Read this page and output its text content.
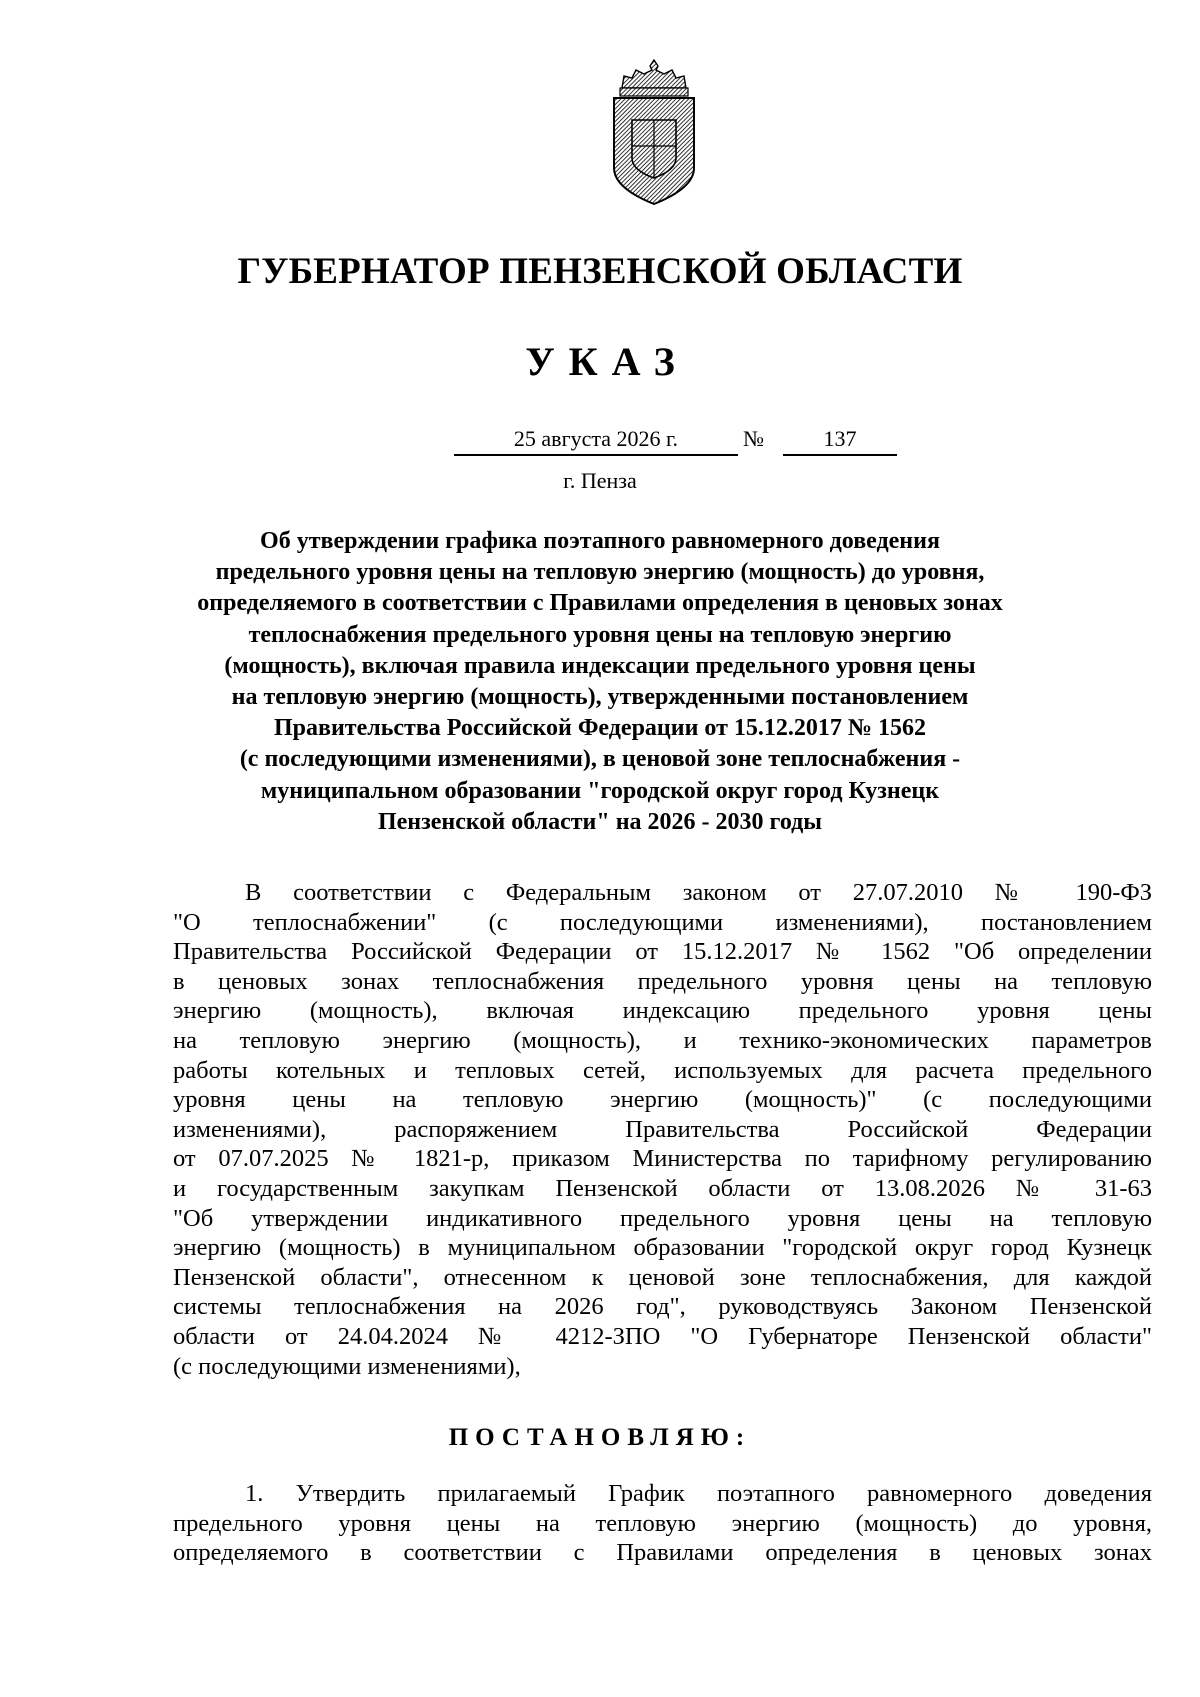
ГУБЕРНАТОР ПЕНЗЕНСКОЙ ОБЛАСТИ
УКАЗ
25 августа 2026 г.	№	137
г. Пенза
Об утверждении графика поэтапного равномерного доведения
предельного уровня цены на тепловую энергию (мощность) до уровня,
определяемого в соответствии с Правилами определения в ценовых зонах
теплоснабжения предельного уровня цены на тепловую энергию
(мощность), включая правила индексации предельного уровня цены
на тепловую энергию (мощность), утвержденными постановлением
Правительства Российской Федерации от 15.12.2017 № 1562
(с последующими изменениями), в ценовой зоне теплоснабжения -
муниципальном образовании "городской округ город Кузнецк
Пензенской области" на 2026 - 2030 годы

В соответствии с Федеральным законом от 27.07.2010 № 190-ФЗ
"О теплоснабжении" (с последующими изменениями), постановлением
Правительства Российской Федерации от 15.12.2017 № 1562 "Об определении
в ценовых зонах теплоснабжения предельного уровня цены на тепловую
энергию (мощность), включая индексацию предельного уровня цены
на тепловую энергию (мощность), и технико-экономических параметров
работы котельных и тепловых сетей, используемых для расчета предельного
уровня цены на тепловую энергию (мощность)" (с последующими
изменениями), распоряжением Правительства Российской Федерации
от 07.07.2025 № 1821-р, приказом Министерства по тарифному регулированию
и государственным закупкам Пензенской области от 13.08.2026 № 31-63
"Об утверждении индикативного предельного уровня цены на тепловую
энергию (мощность) в муниципальном образовании "городской округ город Кузнецк
Пензенской области", отнесенном к ценовой зоне теплоснабжения, для каждой
системы теплоснабжения на 2026 год", руководствуясь Законом Пензенской
области от 24.04.2024 № 4212-ЗПО "О Губернаторе Пензенской области"
(с последующими изменениями),

ПОСТАНОВЛЯЮ:

1. Утвердить прилагаемый График поэтапного равномерного доведения
предельного уровня цены на тепловую энергию (мощность) до уровня,
определяемого в соответствии с Правилами определения в ценовых зонах
